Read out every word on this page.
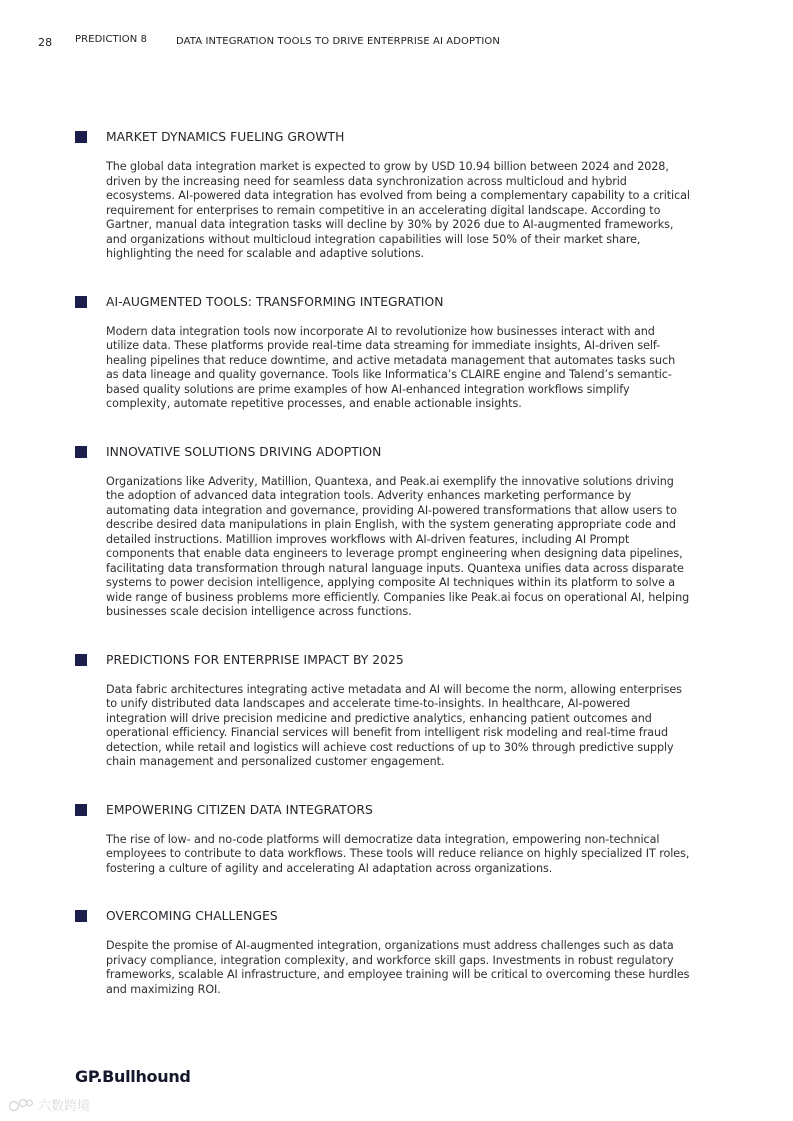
28 PREDICTION 8	DATA INTEGRATION TOOLS TO DRIVE ENTERPRISE AI ADOPTION
MARKET DYNAMICS FUELING GROWTH

The global data integration market is expected to grow by USD 10.94 billion between 2024 and 2028, driven by the increasing need for seamless data synchronization across multicloud and hybrid ecosystems. AI-powered data integration has evolved from being a complementary capability to a critical requirement for enterprises to remain competitive in an accelerating digital landscape. According to Gartner, manual data integration tasks will decline by 30% by 2026 due to AI-augmented frameworks, and organizations without multicloud integration capabilities will lose 50% of their market share, highlighting the need for scalable and adaptive solutions.

AI-AUGMENTED TOOLS: TRANSFORMING INTEGRATION

Modern data integration tools now incorporate AI to revolutionize how businesses interact with and utilize data. These platforms provide real-time data streaming for immediate insights, AI-driven self-healing pipelines that reduce downtime, and active metadata management that automates tasks such as data lineage and quality governance. Tools like Informatica’s CLAIRE engine and Talend’s semantic-based quality solutions are prime examples of how AI-enhanced integration workflows simplify complexity, automate repetitive processes, and enable actionable insights.

INNOVATIVE SOLUTIONS DRIVING ADOPTION

Organizations like Adverity, Matillion, Quantexa, and Peak.ai exemplify the innovative solutions driving the adoption of advanced data integration tools. Adverity enhances marketing performance by automating data integration and governance, providing AI-powered transformations that allow users to describe desired data manipulations in plain English, with the system generating appropriate code and detailed instructions. Matillion improves workflows with AI-driven features, including AI Prompt components that enable data engineers to leverage prompt engineering when designing data pipelines, facilitating data transformation through natural language inputs. Quantexa unifies data across disparate systems to power decision intelligence, applying composite AI techniques within its platform to solve a wide range of business problems more efficiently. Companies like Peak.ai focus on operational AI, helping businesses scale decision intelligence across functions.

PREDICTIONS FOR ENTERPRISE IMPACT BY 2025

Data fabric architectures integrating active metadata and AI will become the norm, allowing enterprises to unify distributed data landscapes and accelerate time-to-insights. In healthcare, AI-powered integration will drive precision medicine and predictive analytics, enhancing patient outcomes and operational efficiency. Financial services will benefit from intelligent risk modeling and real-time fraud detection, while retail and logistics will achieve cost reductions of up to 30% through predictive supply chain management and personalized customer engagement.

EMPOWERING CITIZEN DATA INTEGRATORS

The rise of low- and no-code platforms will democratize data integration, empowering non-technical employees to contribute to data workflows. These tools will reduce reliance on highly specialized IT roles, fostering a culture of agility and accelerating AI adaptation across organizations.

OVERCOMING CHALLENGES

Despite the promise of AI-augmented integration, organizations must address challenges such as data privacy compliance, integration complexity, and workforce skill gaps. Investments in robust regulatory frameworks, scalable AI infrastructure, and employee training will be critical to overcoming these hurdles and maximizing ROI.

GP.Bullhound
六数跨境
